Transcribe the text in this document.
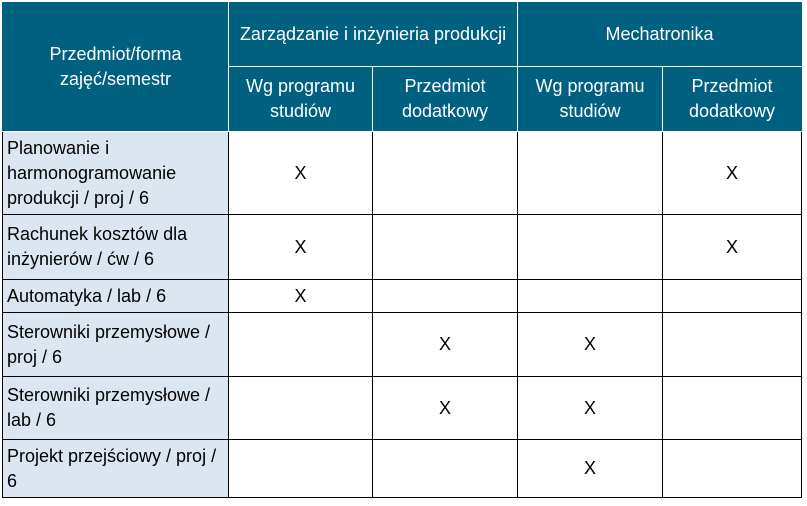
Przedmiot/forma zajęć/semestr	Zarządzanie i inżynieria produkcji		Mechatronika	
	Wg programu studiów	Przedmiot dodatkowy	Wg programu studiów	Przedmiot dodatkowy
Planowanie i harmonogramowanie produkcji / proj / 6	X			X
Rachunek kosztów dla inżynierów / ćw / 6	X			X
Automatyka / lab / 6	X			
Sterowniki przemysłowe / proj / 6		X	X	
Sterowniki przemysłowe / lab / 6		X	X	
Projekt przejściowy / proj / 6			X	
